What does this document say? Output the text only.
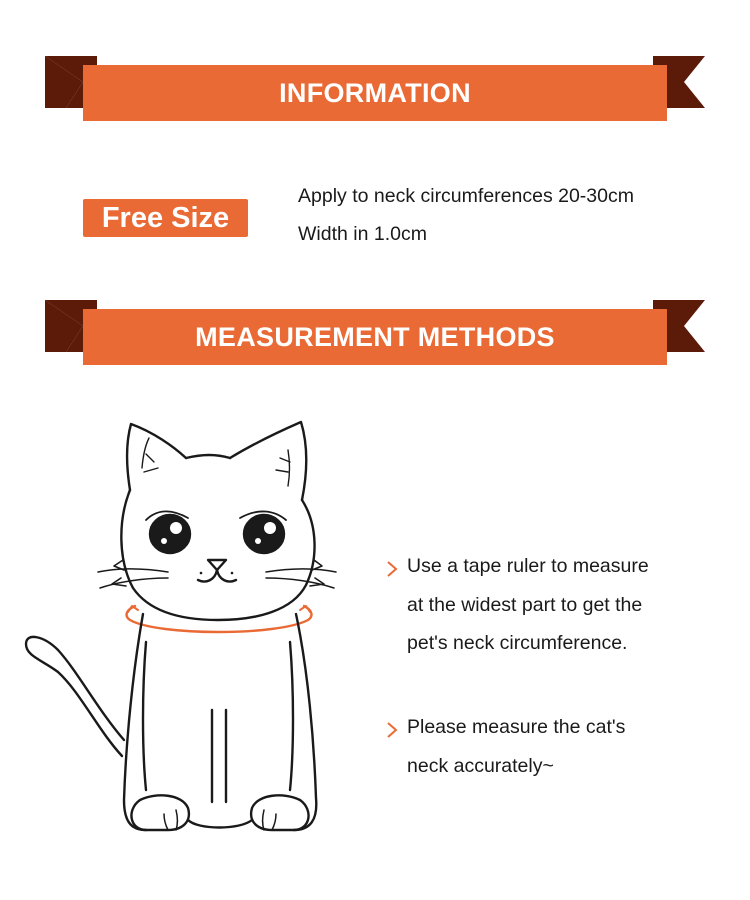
INFORMATION
Free Size
Apply to neck circumferences 20-30cm
Width in 1.0cm
MEASUREMENT METHODS
Use a tape ruler to measure
at the widest part to get the
pet's neck circumference.
Please measure the cat's
neck accurately~
